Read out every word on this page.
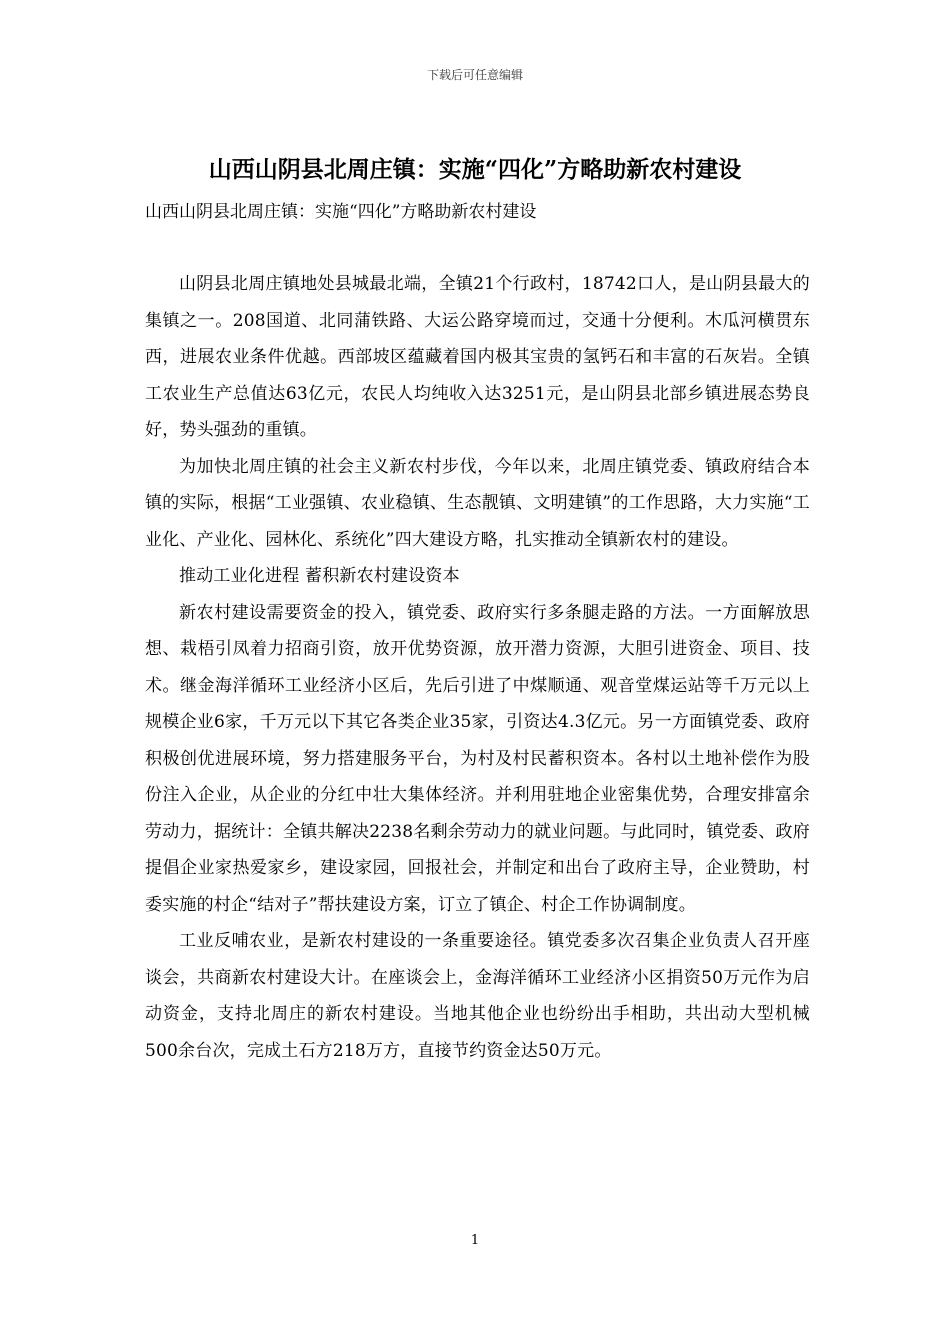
下载后可任意编辑
山西山阴县北周庄镇：实施“四化”方略助新农村建设

山西山阴县北周庄镇：实施“四化”方略助新农村建设

山阴县北周庄镇地处县城最北端，全镇21个行政村，18742口人，是山阴县最大的集镇之一。208国道、北同蒲铁路、大运公路穿境而过，交通十分便利。木瓜河横贯东西，进展农业条件优越。西部坡区蕴藏着国内极其宝贵的氢钙石和丰富的石灰岩。全镇工农业生产总值达63亿元，农民人均纯收入达3251元，是山阴县北部乡镇进展态势良好，势头强劲的重镇。

为加快北周庄镇的社会主义新农村步伐，今年以来，北周庄镇党委、镇政府结合本镇的实际，根据“工业强镇、农业稳镇、生态靓镇、文明建镇”的工作思路，大力实施“工业化、产业化、园林化、系统化”四大建设方略，扎实推动全镇新农村的建设。

推动工业化进程 蓄积新农村建设资本

新农村建设需要资金的投入，镇党委、政府实行多条腿走路的方法。一方面解放思想、栽梧引凤着力招商引资，放开优势资源，放开潜力资源，大胆引进资金、项目、技术。继金海洋循环工业经济小区后，先后引进了中煤顺通、观音堂煤运站等千万元以上规模企业6家，千万元以下其它各类企业35家，引资达4.3亿元。另一方面镇党委、政府积极创优进展环境，努力搭建服务平台，为村及村民蓄积资本。各村以土地补偿作为股份注入企业，从企业的分红中壮大集体经济。并利用驻地企业密集优势，合理安排富余劳动力，据统计：全镇共解决2238名剩余劳动力的就业问题。与此同时，镇党委、政府提倡企业家热爱家乡，建设家园，回报社会，并制定和出台了政府主导，企业赞助，村委实施的村企“结对子”帮扶建设方案，订立了镇企、村企工作协调制度。

工业反哺农业，是新农村建设的一条重要途径。镇党委多次召集企业负责人召开座谈会，共商新农村建设大计。在座谈会上，金海洋循环工业经济小区捐资50万元作为启动资金，支持北周庄的新农村建设。当地其他企业也纷纷出手相助，共出动大型机械500余台次，完成土石方218万方，直接节约资金达50万元。

1
